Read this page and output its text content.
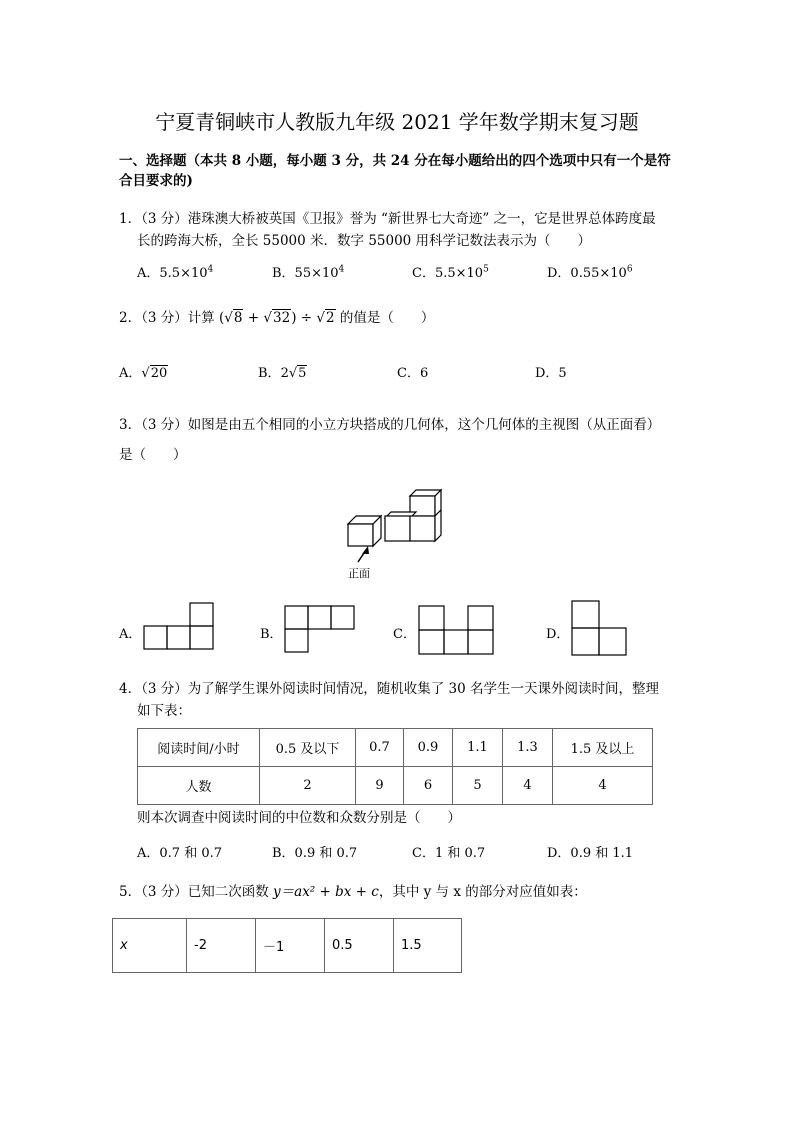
宁夏青铜峡市人教版九年级 2021 学年数学期末复习题
一、选择题（本共 8 小题，每小题 3 分，共 24 分在每小题给出的四个选项中只有一个是符
合目要求的)
1．（3 分）港珠澳大桥被英国《卫报》誉为 “新世界七大奇迹” 之一，它是世界总体跨度最
长的跨海大桥，全长 55000 米．数字 55000 用科学记数法表示为（　　）
A．$5.5\times 10^4$	B．$55\times 10^4$	C．$5.5\times 10^5$	D．$0.55\times 10^6$
2．（3 分）计算 (√8 + √32) ÷ √2 的值是（　　）
A．√20	B．2√5	C．6	D．5
3．（3 分）如图是由五个相同的小立方块搭成的几何体，这个几何体的主视图（从正面看）
是（　　）
正面
A．	B．	C．	D．
4．（3 分）为了解学生课外阅读时间情况，随机收集了 30 名学生一天课外阅读时间，整理
如下表：
阅读时间/小时	0.5 及以下	0.7	0.9	1.1	1.3	1.5 及以上
人数	2	9	6	5	4	4
则本次调查中阅读时间的中位数和众数分别是（　　）
A．0.7 和 0.7	B．0.9 和 0.7	C．1 和 0.7	D．0.9 和 1.1
5．（3 分）已知二次函数 y＝ax² + bx + c，其中 y 与 x 的部分对应值如表：
x	-2	－1	0.5	1.5
